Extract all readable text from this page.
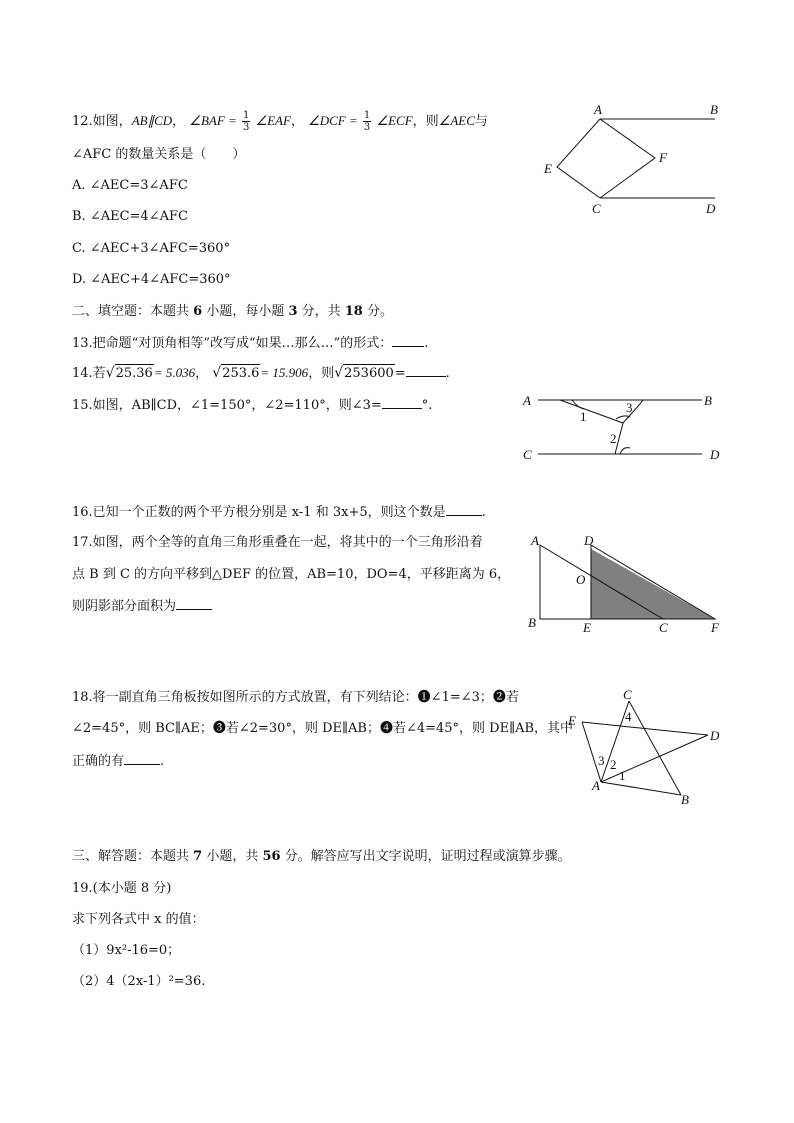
12.如图，AB∥CD， ∠BAF = $\frac{1}{3}$ ∠EAF， ∠DCF = $\frac{1}{3}$ ∠ECF，则∠AEC与
∠AFC 的数量关系是（　　）
A. ∠AEC=3∠AFC
B. ∠AEC=4∠AFC
C. ∠AEC+3∠AFC=360°
D. ∠AEC+4∠AFC=360°
A	B
E
F
C	D
二、填空题：本题共 6 小题，每小题 3 分，共 18 分。
13.把命题“对顶角相等”改写成“如果…那么…”的形式： .
14.若√25.36= 5.036， √253.6= 15.906，则√253600=	.
15.如图，AB∥CD，∠1=150°，∠2=110°，则∠3=	°.	A	B
C	D
1
2
3
16.已知一个正数的两个平方根分别是 x-1 和 3x+5，则这个数是	.
17.如图，两个全等的直角三角形重叠在一起，将其中的一个三角形沿着
点 B 到 C 的方向平移到△DEF 的位置，AB=10，DO=4，平移距离为 6，
则阴影部分面积为
A	D
O
B	E	C	F
18.将一副直角三角板按如图所示的方式放置，有下列结论：❶∠1=∠3；❷若
∠2=45°，则 BC∥AE；❸若∠2=30°，则 DE∥AB；❹若∠4=45°，则 DE∥AB，其中
正确的有	.
C
E
D
A
B
4
3 2
1
三、解答题：本题共 7 小题，共 56 分。解答应写出文字说明，证明过程或演算步骤。
19.(本小题 8 分)
求下列各式中 x 的值：
（1）9x²-16=0；
（2）4（2x-1）²=36.
